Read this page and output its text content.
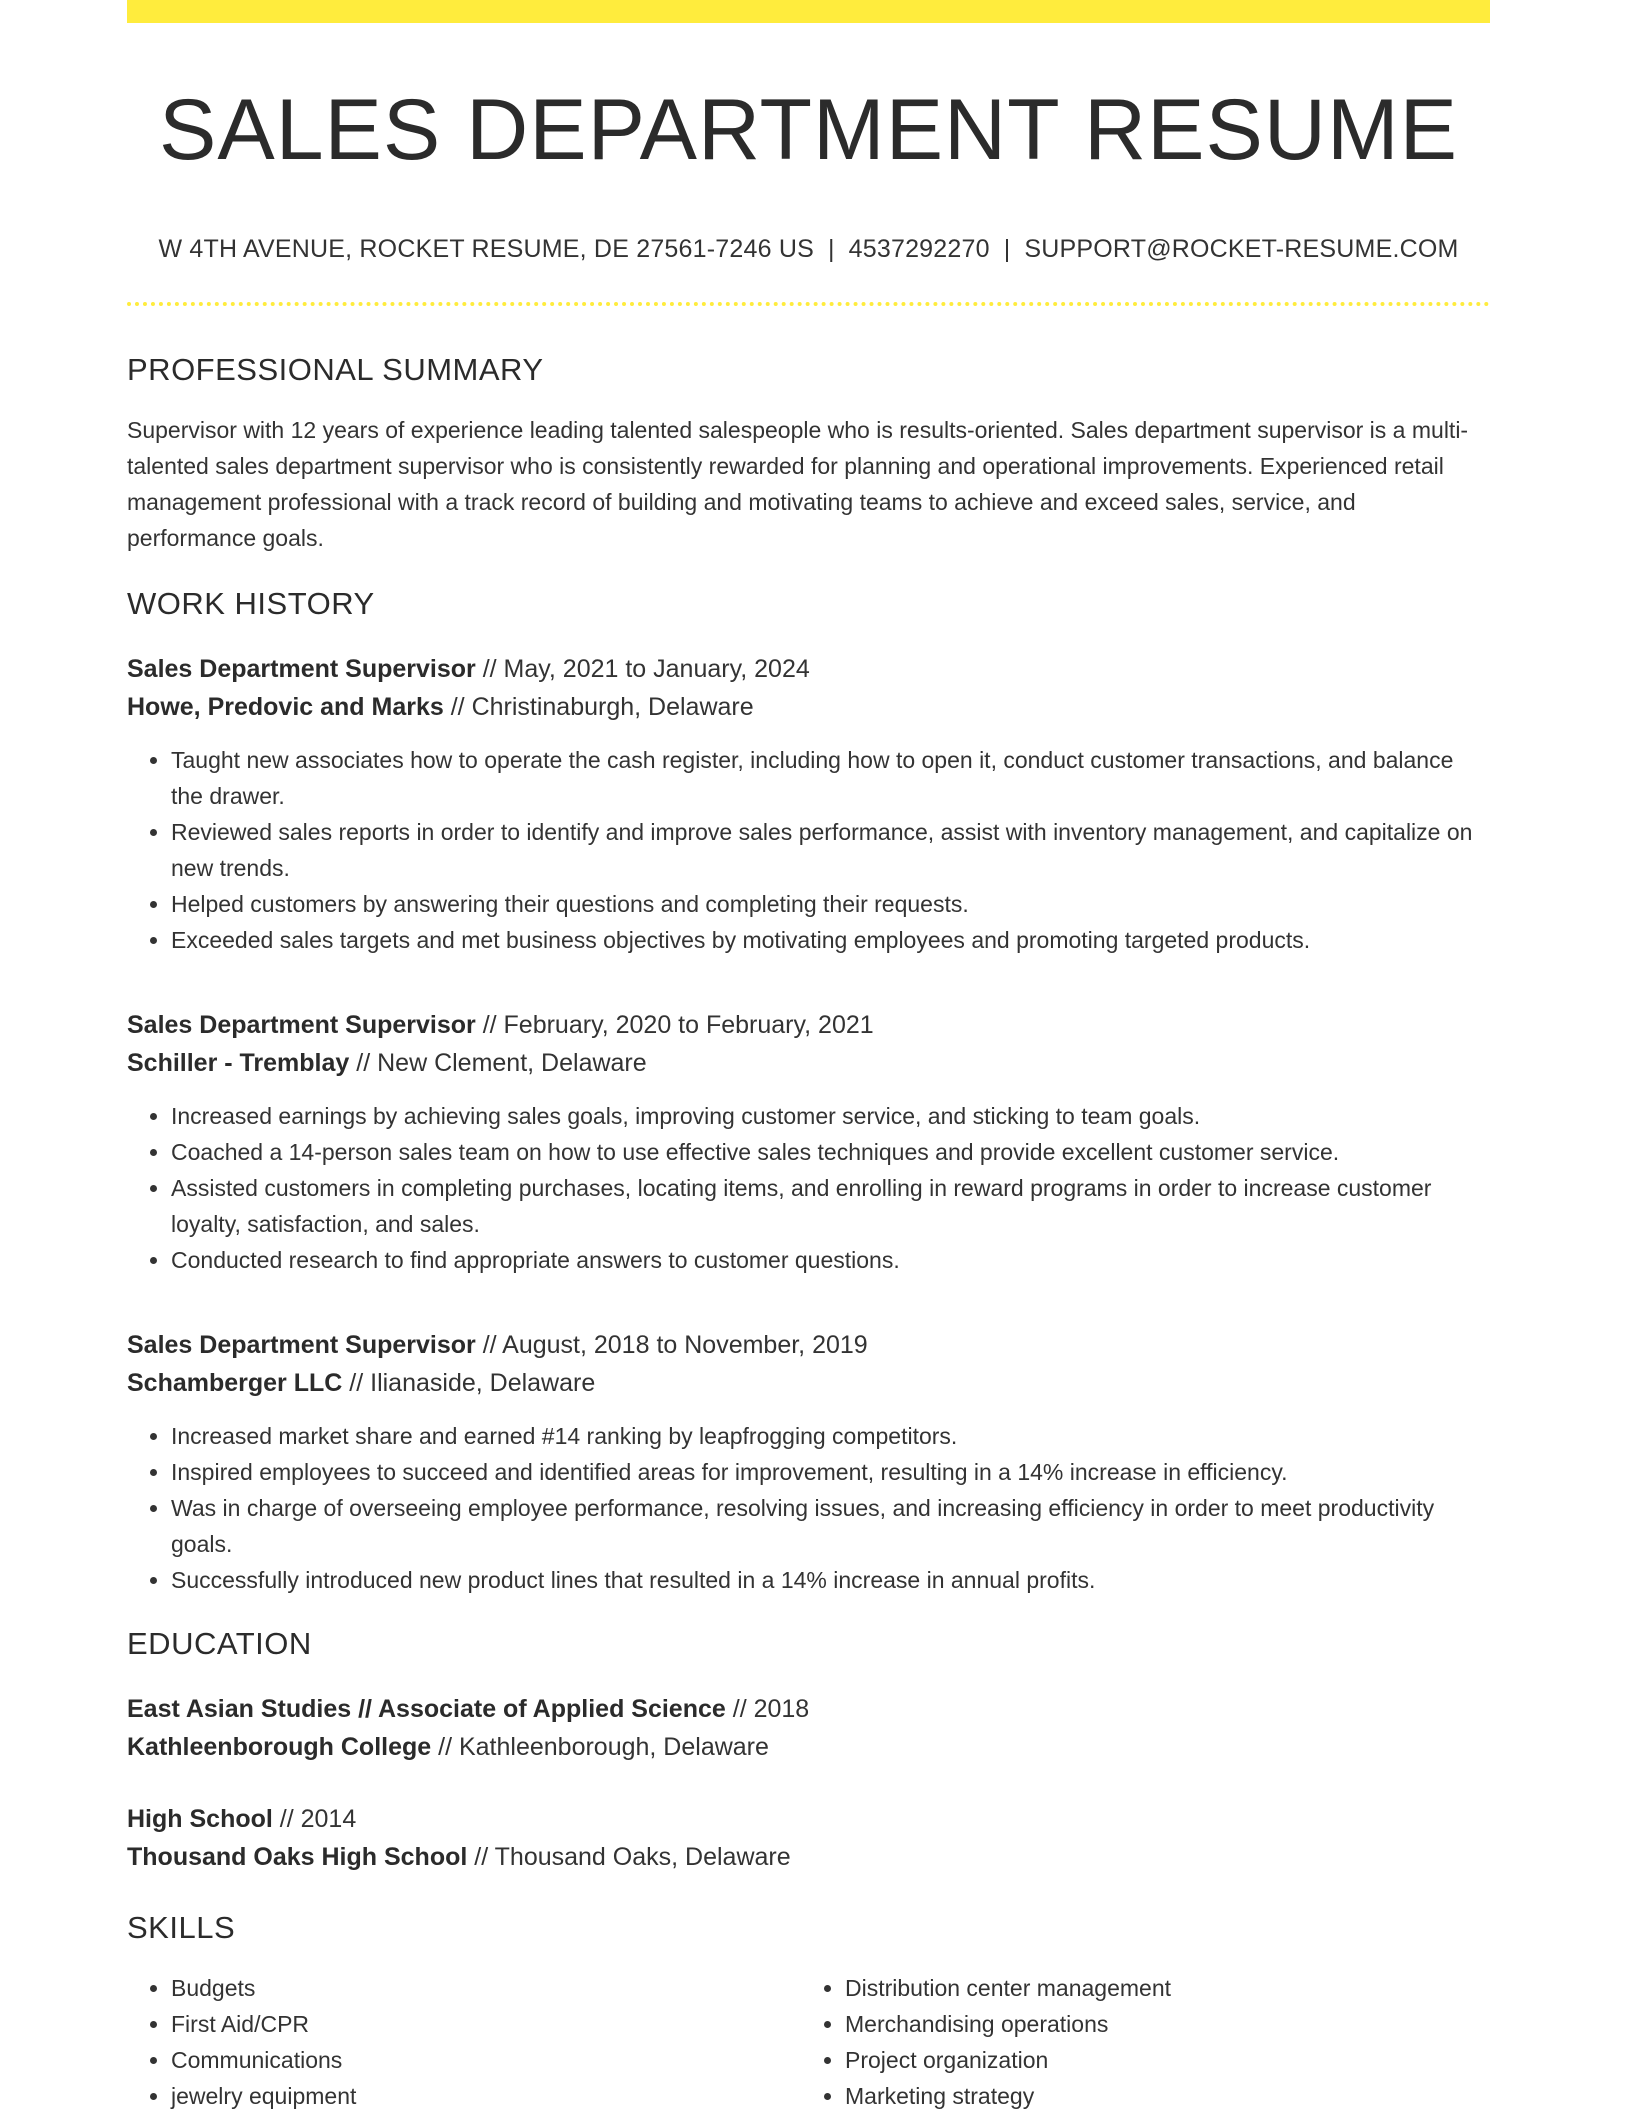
SALES DEPARTMENT RESUME
W 4TH AVENUE, ROCKET RESUME, DE 27561-7246 US | 4537292270 | SUPPORT@ROCKET-RESUME.COM
PROFESSIONAL SUMMARY
Supervisor with 12 years of experience leading talented salespeople who is results-oriented. Sales department supervisor is a multi-talented sales department supervisor who is consistently rewarded for planning and operational improvements. Experienced retail management professional with a track record of building and motivating teams to achieve and exceed sales, service, and performance goals.
WORK HISTORY
Sales Department Supervisor // May, 2021 to January, 2024
Howe, Predovic and Marks // Christinaburgh, Delaware
• Taught new associates how to operate the cash register, including how to open it, conduct customer transactions, and balance the drawer.
• Reviewed sales reports in order to identify and improve sales performance, assist with inventory management, and capitalize on new trends.
• Helped customers by answering their questions and completing their requests.
• Exceeded sales targets and met business objectives by motivating employees and promoting targeted products.
Sales Department Supervisor // February, 2020 to February, 2021
Schiller - Tremblay // New Clement, Delaware
• Increased earnings by achieving sales goals, improving customer service, and sticking to team goals.
• Coached a 14-person sales team on how to use effective sales techniques and provide excellent customer service.
• Assisted customers in completing purchases, locating items, and enrolling in reward programs in order to increase customer loyalty, satisfaction, and sales.
• Conducted research to find appropriate answers to customer questions.
Sales Department Supervisor // August, 2018 to November, 2019
Schamberger LLC // Ilianaside, Delaware
• Increased market share and earned #14 ranking by leapfrogging competitors.
• Inspired employees to succeed and identified areas for improvement, resulting in a 14% increase in efficiency.
• Was in charge of overseeing employee performance, resolving issues, and increasing efficiency in order to meet productivity goals.
• Successfully introduced new product lines that resulted in a 14% increase in annual profits.
EDUCATION
East Asian Studies // Associate of Applied Science // 2018
Kathleenborough College // Kathleenborough, Delaware
High School // 2014
Thousand Oaks High School // Thousand Oaks, Delaware
SKILLS
• Budgets
• First Aid/CPR
• Communications
• jewelry equipment
• Distribution center management
• Merchandising operations
• Project organization
• Marketing strategy
